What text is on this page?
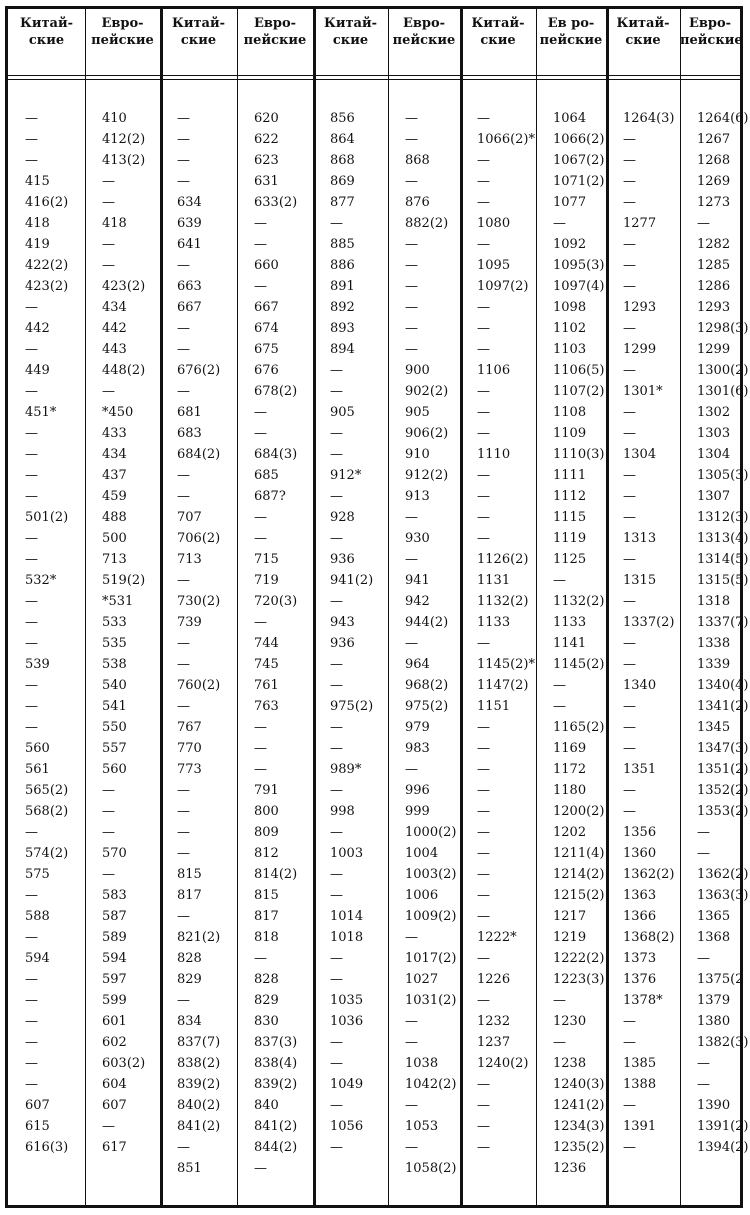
Китай-
ские
Евро-
пейские
Китай-
ские
Евро-
пейские
Китай-
ские
Евро-
пейские
Китай-
ские
Ев ро-
пейские
Китай-
ские
Евро-
пейские
—
—
—
415
416(2)
418
419
422(2)
423(2)
—
442
—
449
—
451*
—
—
—
—
501(2)
—
—
532*
—
—
—
539
—
—
—
560
561
565(2)
568(2)
—
574(2)
575
—
588
—
594
—
—
—
—
—
—
607
615
616(3)
410
412(2)
413(2)
—
—
418
—
—
423(2)
434
442
443
448(2)
—
*450
433
434
437
459
488
500
713
519(2)
*531
533
535
538
540
541
550
557
560
—
—
—
570
—
583
587
589
594
597
599
601
602
603(2)
604
607
—
617
—
—
—
—
634
639
641
—
663
667
—
—
676(2)
—
681
683
684(2)
—
—
707
706(2)
713
—
730(2)
739
—
—
760(2)
—
767
770
773
—
—
—
—
815
817
—
821(2)
828
829
—
834
837(7)
838(2)
839(2)
840(2)
841(2)
—
851
620
622
623
631
633(2)
—
—
660
—
667
674
675
676
678(2)
—
—
684(3)
685
687?
—
—
715
719
720(3)
—
744
745
761
763
—
—
—
791
800
809
812
814(2)
815
817
818
—
828
829
830
837(3)
838(4)
839(2)
840
841(2)
844(2)
—
856
864
868
869
877
—
885
886
891
892
893
894
—
—
905
—
—
912*
—
928
—
936
941(2)
—
943
936
—
—
975(2)
—
—
989*
—
998
—
1003
—
—
1014
1018
—
—
1035
1036
—
—
1049
—
1056
—
—
—
868
—
876
882(2)
—
—
—
—
—
—
900
902(2)
905
906(2)
910
912(2)
913
—
930
—
941
942
944(2)
—
964
968(2)
975(2)
979
983
—
996
999
1000(2)
1004
1003(2)
1006
1009(2)
—
1017(2)
1027
1031(2)
—
—
1038
1042(2)
—
1053
—
1058(2)
—
1066(2)*
—
—
—
1080
—
1095
1097(2)
—
—
—
1106
—
—
—
1110
—
—
—
—
1126(2)
1131
1132(2)
1133
—
1145(2)*
1147(2)
1151
—
—
—
—
—
—
—
—
—
—
1222*
—
1226
—
1232
1237
1240(2)
—
—
—
—
1064
1066(2)
1067(2)
1071(2)
1077
—
1092
1095(3)
1097(4)
1098
1102
1103
1106(5)
1107(2)
1108
1109
1110(3)
1111
1112
1115
1119
1125
—
1132(2)
1133
1141
1145(2)
—
—
1165(2)
1169
1172
1180
1200(2)
1202
1211(4)
1214(2)
1215(2)
1217
1219
1222(2)
1223(3)
—
1230
—
1238
1240(3)
1241(2)
1234(3)
1235(2)
1236
1264(3)
—
—
—
—
1277
—
—
—
1293
—
1299
—
1301*
—
—
1304
—
—
—
1313
—
1315
—
1337(2)
—
—
1340
—
—
—
1351
—
—
1356
1360
1362(2)
1363
1366
1368(2)
1373
1376
1378*
—
—
1385
1388
—
1391
—
1264(6)
1267
1268
1269
1273
—
1282
1285
1286
1293
1298(3)
1299
1300(2)
1301(6)
1302
1303
1304
1305(3)
1307
1312(3)
1313(4)
1314(5)
1315(5)
1318
1337(7)
1338
1339
1340(4)
1341(2)
1345
1347(3)
1351(2)
1352(2)
1353(2)
—
—
1362(2)
1363(3)
1365
1368
—
1375(2
1379
1380
1382(3)
—
—
1390
1391(2)
1394(2)
